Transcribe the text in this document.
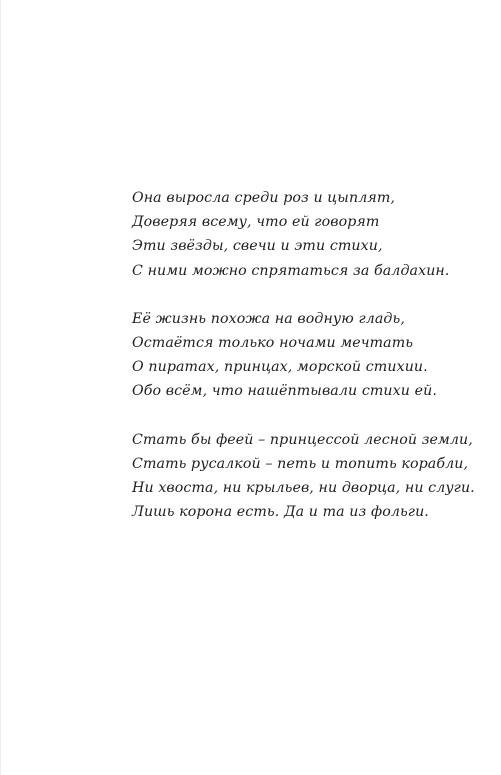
Она выросла среди роз и цыплят,
Доверяя всему, что ей говорят
Эти звёзды, свечи и эти стихи,
С ними можно спрятаться за балдахин.
Её жизнь похожа на водную гладь,
Остаётся только ночами мечтать
О пиратах, принцах, морской стихии.
Обо всём, что нашёптывали стихи ей.
Стать бы феей – принцессой лесной земли,
Стать русалкой – петь и топить корабли,
Ни хвоста, ни крыльев, ни дворца, ни слуги.
Лишь корона есть. Да и та из фольги.
